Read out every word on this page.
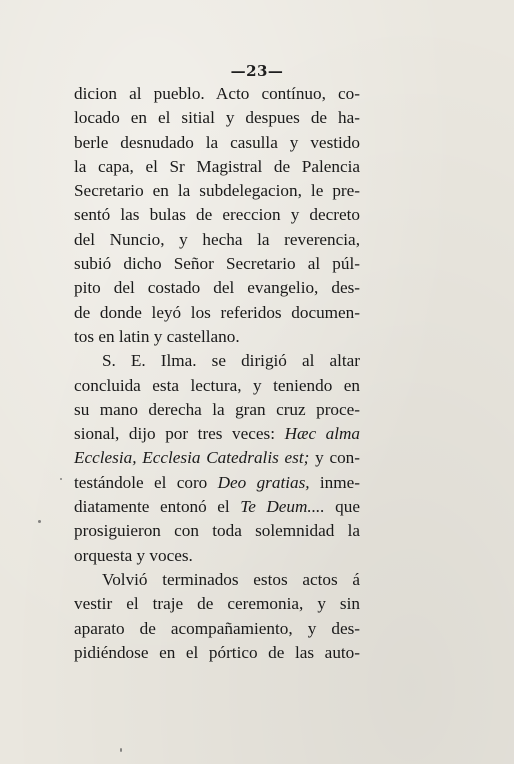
—23—
dicion al pueblo. Acto contínuo, co-
locado en el sitial y despues de ha-
berle desnudado la casulla y vestido
la capa, el Sr Magistral de Palencia
Secretario en la subdelegacion, le pre-
sentó las bulas de ereccion y decreto
del Nuncio, y hecha la reverencia,
subió dicho Señor Secretario al púl-
pito del costado del evangelio, des-
de donde leyó los referidos documen-
tos en latin y castellano.
S. E. Ilma. se dirigió al altar
concluida esta lectura, y teniendo en
su mano derecha la gran cruz proce-
sional, dijo por tres veces: Hæc alma
Ecclesia, Ecclesia Catedralis est; y con-
testándole el coro Deo gratias, inme-
diatamente entonó el Te Deum.... que
prosiguieron con toda solemnidad la
orquesta y voces.
Volvió terminados estos actos á
vestir el traje de ceremonia, y sin
aparato de acompañamiento, y des-
pidiéndose en el pórtico de las auto-
